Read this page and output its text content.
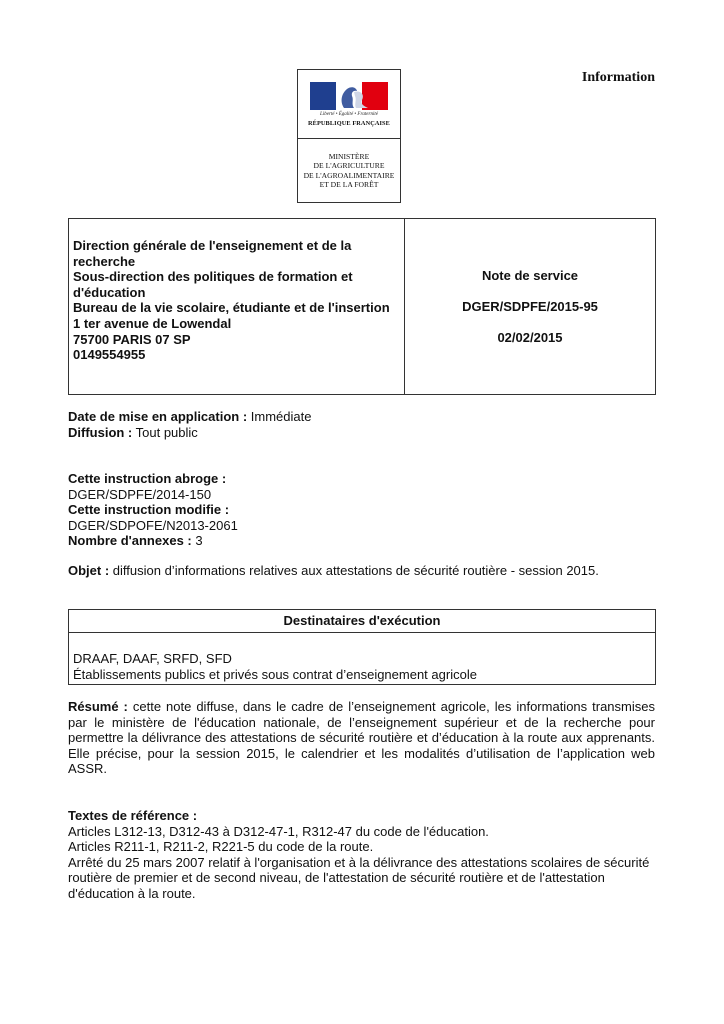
Liberté • Égalité • Fraternité
RÉPUBLIQUE FRANÇAISE
MINISTÈRE
DE L'AGRICULTURE
DE L'AGROALIMENTAIRE
ET DE LA FORÊT
Information
Direction générale de l'enseignement et de la
recherche
Sous-direction des politiques de formation et
d'éducation
Bureau de la vie scolaire, étudiante et de l'insertion
1 ter avenue de Lowendal
75700 PARIS 07 SP
0149554955
Note de service
DGER/SDPFE/2015-95
02/02/2015
Date de mise en application : Immédiate
Diffusion : Tout public
Cette instruction abroge :
DGER/SDPFE/2014-150
Cette instruction modifie :
DGER/SDPOFE/N2013-2061
Nombre d'annexes : 3
Objet : diffusion d’informations relatives aux attestations de sécurité routière - session 2015.
Destinataires d'exécution
DRAAF, DAAF, SRFD, SFD
Établissements publics et privés sous contrat d’enseignement agricole
Résumé : cette note diffuse, dans le cadre de l’enseignement agricole, les informations transmises par le ministère de l'éducation nationale, de l’enseignement supérieur et de la recherche pour permettre la délivrance des attestations de sécurité routière et d’éducation à la route aux apprenants. Elle précise, pour la session 2015, le calendrier et les modalités d’utilisation de l’application web ASSR.
Textes de référence :
Articles L312-13, D312-43 à D312-47-1, R312-47 du code de l'éducation.
Articles R211-1, R211-2, R221-5 du code de la route.
Arrêté du 25 mars 2007 relatif à l'organisation et à la délivrance des attestations scolaires de sécurité
routière de premier et de second niveau, de l'attestation de sécurité routière et de l'attestation
d'éducation à la route.
